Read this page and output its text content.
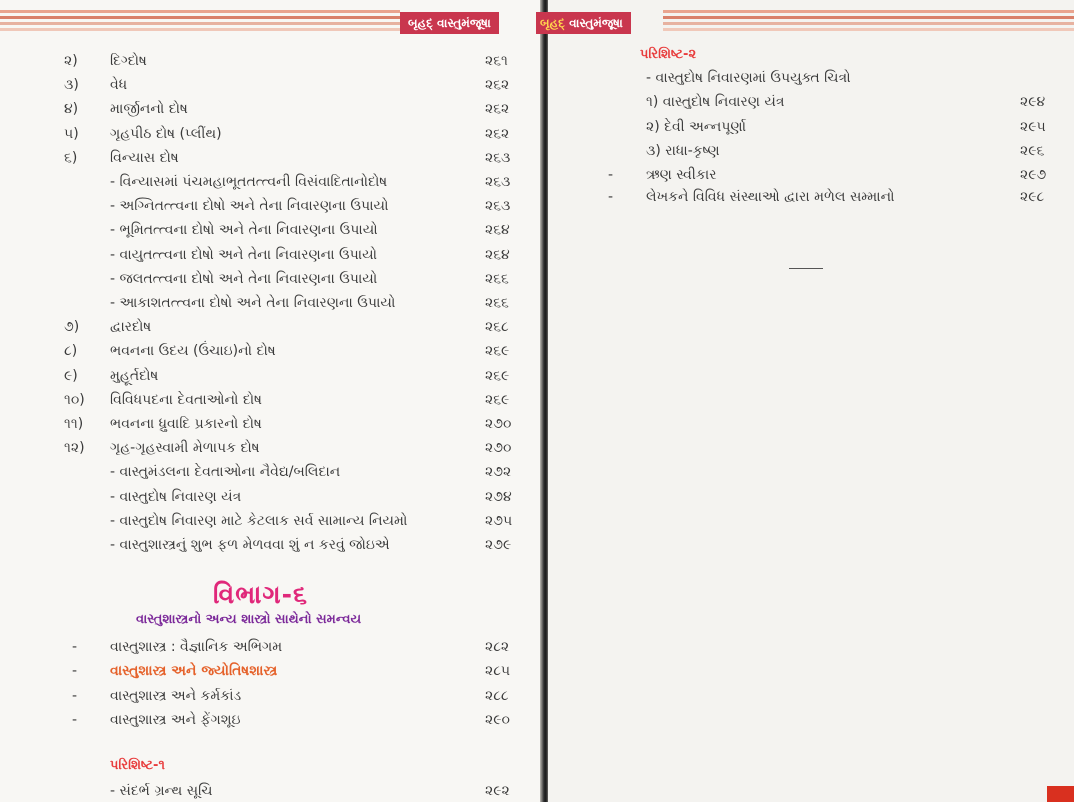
બૃહદ્ વાસ્તુમંજૂષા
૨) દિગ્દોષ	૨૬૧
૩) વેધ	૨૬૨
૪) માર્જીનનો દોષ	૨૬૨
૫) ગૃહપીઠ દોષ (પ્લીંથ)	૨૬૨
૬) વિન્યાસ દોષ	૨૬૩
- વિન્યાસમાં પંચમહાભૂતતત્ત્વની વિસંવાદિતાનોદોષ	૨૬૩
- અગ્નિતત્ત્વના દોષો અને તેના નિવારણના ઉપાયો	૨૬૩
- ભૂમિતત્ત્વના દોષો અને તેના નિવારણના ઉપાયો	૨૬૪
- વાયુતત્ત્વના દોષો અને તેના નિવારણના ઉપાયો	૨૬૪
- જલતત્ત્વના દોષો અને તેના નિવારણના ઉપાયો	૨૬૬
- આકાશતત્ત્વના દોષો અને તેના નિવારણના ઉપાયો	૨૬૬
૭) દ્વારદોષ	૨૬૮
૮) ભવનના ઉદય (ઉંચાઇ)નો દોષ	૨૬૯
૯) મુહૂર્તદોષ	૨૬૯
૧૦) વિવિધપદના દેવતાઓનો દોષ	૨૬૯
૧૧) ભવનના ધ્રુવાદિ પ્રકારનો દોષ	૨૭૦
૧૨) ગૃહ-ગૃહસ્વામી મેળાપક દોષ	૨૭૦
- વાસ્તુમંડલના દેવતાઓના નૈવેદ્ય/બલિદાન	૨૭૨
- વાસ્તુદોષ નિવારણ યંત્ર	૨૭૪
- વાસ્તુદોષ નિવારણ માટે કેટલાક સર્વ સામાન્ય નિયમો	૨૭૫
- વાસ્તુશાસ્ત્રનું શુભ ફળ મેળવવા શું ન કરવું જોઇએ	૨૭૯
વિભાગ-૬
વાસ્તુશાસ્ત્રનો અન્ય શાસ્ત્રો સાથેનો સમન્વય
- વાસ્તુશાસ્ત્ર : વૈજ્ઞાનિક અભિગમ	૨૮૨
- વાસ્તુશાસ્ત્ર અને જ્યોતિષશાસ્ત્ર	૨૮૫
- વાસ્તુશાસ્ત્ર અને કર્મકાંડ	૨૮૮
- વાસ્તુશાસ્ત્ર અને ફેંગશૂઇ	૨૯૦
પરિશિષ્ટ-૧
- સંદર્ભ ગ્રન્થ સૂચિ	૨૯૨
બૃહદ્ વાસ્તુમંજૂષા
પરિશિષ્ટ-૨
- વાસ્તુદોષ નિવારણમાં ઉપયુક્ત ચિત્રો
૧) વાસ્તુદોષ નિવારણ યંત્ર	૨૯૪
૨) દેવી અન્નપૂર્ણા	૨૯૫
૩) રાધા-કૃષ્ણ	૨૯૬
- ઋણ સ્વીકાર	૨૯૭
- લેખકને વિવિધ સંસ્થાઓ દ્વારા મળેલ સમ્માનો	૨૯૮
